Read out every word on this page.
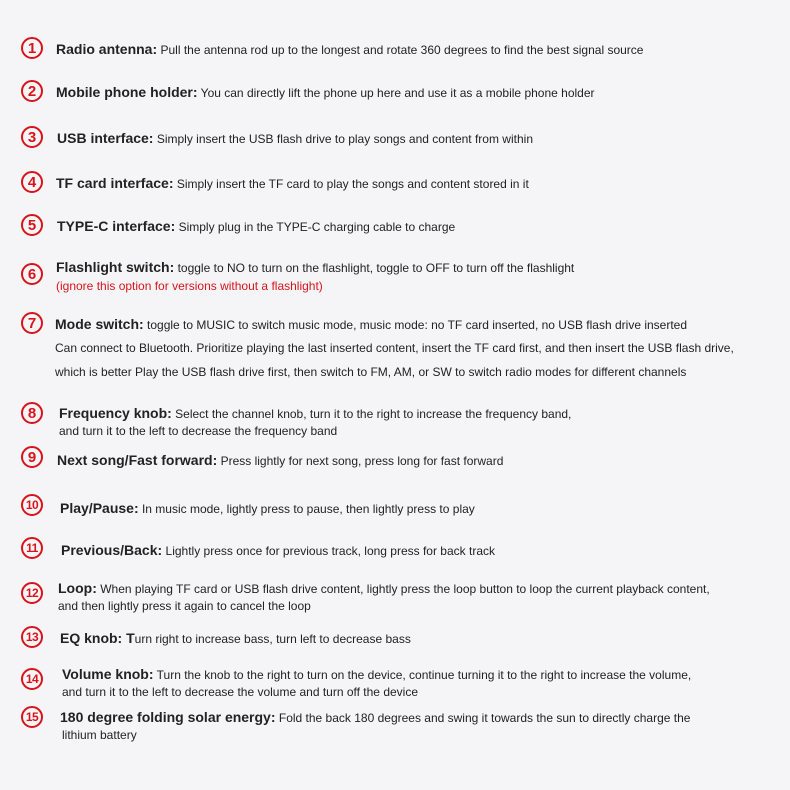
1	Radio antenna: Pull the antenna rod up to the longest and rotate 360 degrees to find the best signal source
2	Mobile phone holder: You can directly lift the phone up here and use it as a mobile phone holder
3	USB interface: Simply insert the USB flash drive to play songs and content from within
4	TF card interface: Simply insert the TF card to play the songs and content stored in it
5	TYPE-C interface: Simply plug in the TYPE-C charging cable to charge
6	Flashlight switch: toggle to NO to turn on the flashlight, toggle to OFF to turn off the flashlight
(ignore this option for versions without a flashlight)
7	Mode switch: toggle to MUSIC to switch music mode, music mode: no TF card inserted, no USB flash drive inserted
Can connect to Bluetooth. Prioritize playing the last inserted content, insert the TF card first, and then insert the USB flash drive,
which is better Play the USB flash drive first, then switch to FM, AM, or SW to switch radio modes for different channels
8	Frequency knob: Select the channel knob, turn it to the right to increase the frequency band,
and turn it to the left to decrease the frequency band
9	Next song/Fast forward: Press lightly for next song, press long for fast forward
10	Play/Pause: In music mode, lightly press to pause, then lightly press to play
11	Previous/Back: Lightly press once for previous track, long press for back track
12	Loop: When playing TF card or USB flash drive content, lightly press the loop button to loop the current playback content,
and then lightly press it again to cancel the loop
13	EQ knob: Turn right to increase bass, turn left to decrease bass
14	Volume knob: Turn the knob to the right to turn on the device, continue turning it to the right to increase the volume,
and turn it to the left to decrease the volume and turn off the device
15	180 degree folding solar energy: Fold the back 180 degrees and swing it towards the sun to directly charge the
lithium battery
